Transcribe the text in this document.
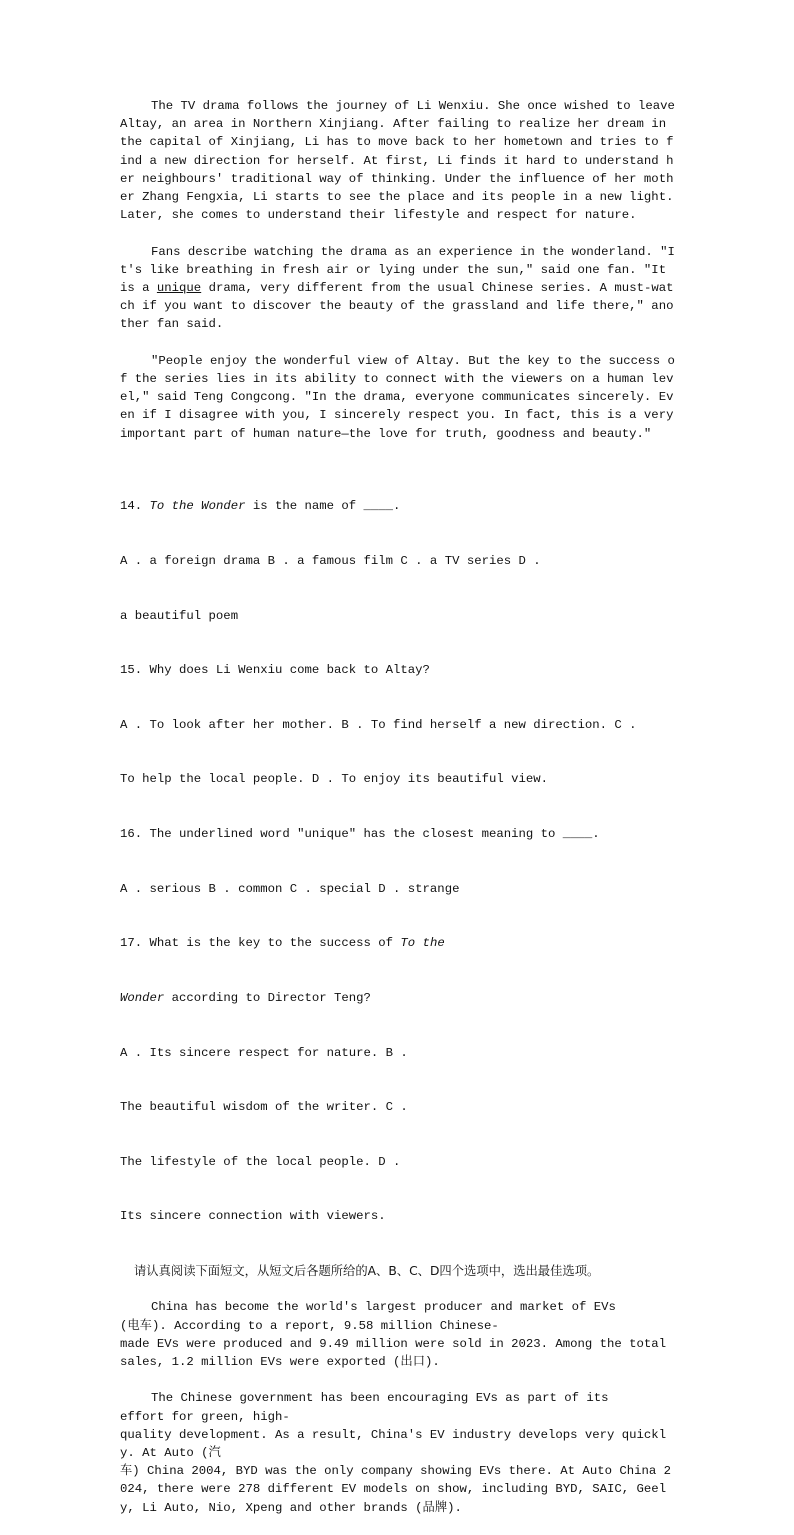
The TV drama follows the journey of Li Wenxiu. She once wished to leave Altay, an area in Northern Xinjiang. After failing to realize her dream in the capital of Xinjiang, Li has to move back to her hometown and tries to find a new direction for herself. At first, Li finds it hard to understand her neighbours' traditional way of thinking. Under the influence of her mother Zhang Fengxia, Li starts to see the place and its people in a new light. Later, she comes to understand their lifestyle and respect for nature.

Fans describe watching the drama as an experience in the wonderland. "It's like breathing in fresh air or lying under the sun," said one fan. "It is a unique drama, very different from the usual Chinese series. A must-watch if you want to discover the beauty of the grassland and life there," another fan said.

"People enjoy the wonderful view of Altay. But the key to the success of the series lies in its ability to connect with the viewers on a human level," said Teng Congcong. "In the drama, everyone communicates sincerely. Even if I disagree with you, I sincerely respect you. In fact, this is a very important part of human nature—the love for truth, goodness and beauty."

14. To the Wonder is the name of ____.

A . a foreign drama B . a famous film C . a TV series D .

a beautiful poem

15. Why does Li Wenxiu come back to Altay?

A . To look after her mother. B . To find herself a new direction. C .

To help the local people. D . To enjoy its beautiful view.

16. The underlined word "unique" has the closest meaning to ____.

A . serious B . common C . special D . strange

17. What is the key to the success of To the

Wonder according to Director Teng?

A . Its sincere respect for nature. B .

The beautiful wisdom of the writer. C .

The lifestyle of the local people. D .

Its sincere connection with viewers.

请认真阅读下面短文，从短文后各题所给的A、B、C、D四个选项中，选出最佳选项。
China has become the world's largest producer and market of EVs
(电车). According to a report, 9.58 million Chinese-
made EVs were produced and 9.49 million were sold in 2023. Among the total sales, 1.2 million EVs were exported (出口).
The Chinese government has been encouraging EVs as part of its
effort for green, high-
quality development. As a result, China's EV industry develops very quickly. At Auto (汽
车) China 2004, BYD was the only company showing EVs there. At Auto China 2024, there were 278 different EV models on show, including BYD, SAIC, Geely, Li Auto, Nio, Xpeng and other brands (品牌).
